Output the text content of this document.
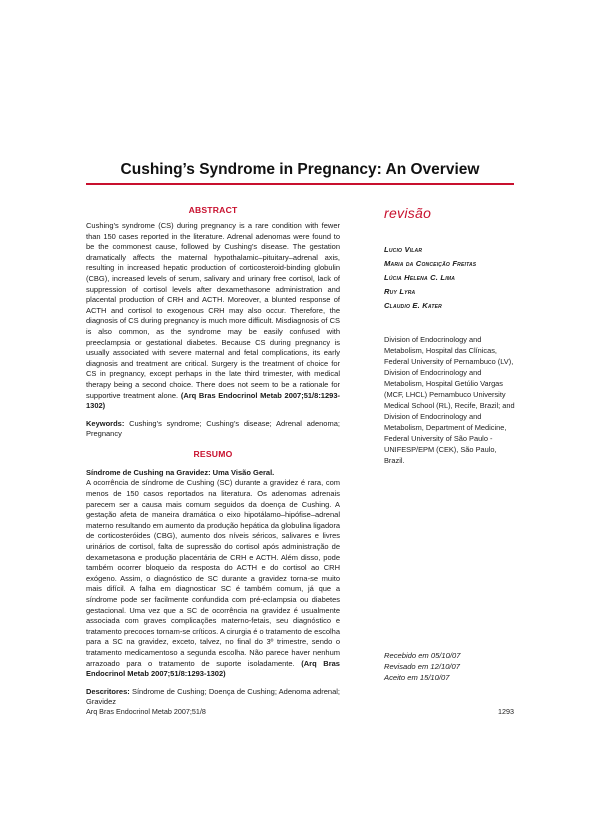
Cushing’s Syndrome in Pregnancy: An Overview
ABSTRACT

Cushing’s syndrome (CS) during pregnancy is a rare condition with fewer than 150 cases reported in the literature. Adrenal adenomas were found to be the commonest cause, followed by Cushing’s disease. The gestation dramatically affects the maternal hypothalamic–pituitary–adrenal axis, resulting in increased hepatic production of corticosteroid-binding globulin (CBG), increased levels of serum, salivary and urinary free cortisol, lack of suppression of cortisol levels after dexamethasone administration and placental production of CRH and ACTH. Moreover, a blunted response of ACTH and cortisol to exogenous CRH may also occur. Therefore, the diagnosis of CS during pregnancy is much more difficult. Misdiagnosis of CS is also common, as the syndrome may be easily confused with preeclampsia or gestational diabetes. Because CS during pregnancy is usually associated with severe maternal and fetal complications, its early diagnosis and treatment are critical. Surgery is the treatment of choice for CS in pregnancy, except perhaps in the late third trimester, with medical therapy being a second choice. There does not seem to be a rationale for supportive treatment alone. (Arq Bras Endocrinol Metab 2007;51/8:1293-1302)

Keywords: Cushing’s syndrome; Cushing’s disease; Adrenal adenoma; Pregnancy

RESUMO

Síndrome de Cushing na Gravidez: Uma Visão Geral.

A ocorrência de síndrome de Cushing (SC) durante a gravidez é rara, com menos de 150 casos reportados na literatura. Os adenomas adrenais parecem ser a causa mais comum seguidos da doença de Cushing. A gestação afeta de maneira dramática o eixo hipotálamo–hipófise–adrenal materno resultando em aumento da produção hepática da globulina ligadora de corticosteróides (CBG), aumento dos níveis séricos, salivares e livres urinários de cortisol, falta de supressão do cortisol após administração de dexametasona e produção placentária de CRH e ACTH. Além disso, pode também ocorrer bloqueio da resposta do ACTH e do cortisol ao CRH exógeno. Assim, o diagnóstico de SC durante a gravidez torna-se muito mais difícil. A falha em diagnosticar SC é também comum, já que a síndrome pode ser facilmente confundida com pré-eclampsia ou diabetes gestacional. Uma vez que a SC de ocorrência na gravidez é usualmente associada com graves complicações materno-fetais, seu diagnóstico e tratamento precoces tornam-se críticos. A cirurgia é o tratamento de escolha para a SC na gravidez, exceto, talvez, no final do 3º trimestre, sendo o tratamento medicamentoso a segunda escolha. Não parece haver nenhum arrazoado para o tratamento de suporte isoladamente. (Arq Bras Endocrinol Metab 2007;51/8:1293-1302)

Descritores: Síndrome de Cushing; Doença de Cushing; Adenoma adrenal; Gravidez

revisão
Lucio Vilar
Maria da Conceição Freitas
Lúcia Helena C. Lima
Ruy Lyra
Claudio E. Kater
Division of Endocrinology and Metabolism, Hospital das Clínicas, Federal University of Pernambuco (LV), Division of Endocrinology and Metabolism, Hospital Getúlio Vargas (MCF, LHCL) Pernambuco University Medical School (RL), Recife, Brazil; and Division of Endocrinology and Metabolism, Department of Medicine, Federal University of São Paulo - UNIFESP/EPM (CEK), São Paulo, Brazil.
Recebido em 05/10/07
Revisado em 12/10/07
Aceito em 15/10/07
Arq Bras Endocrinol Metab 2007;51/8	1293
